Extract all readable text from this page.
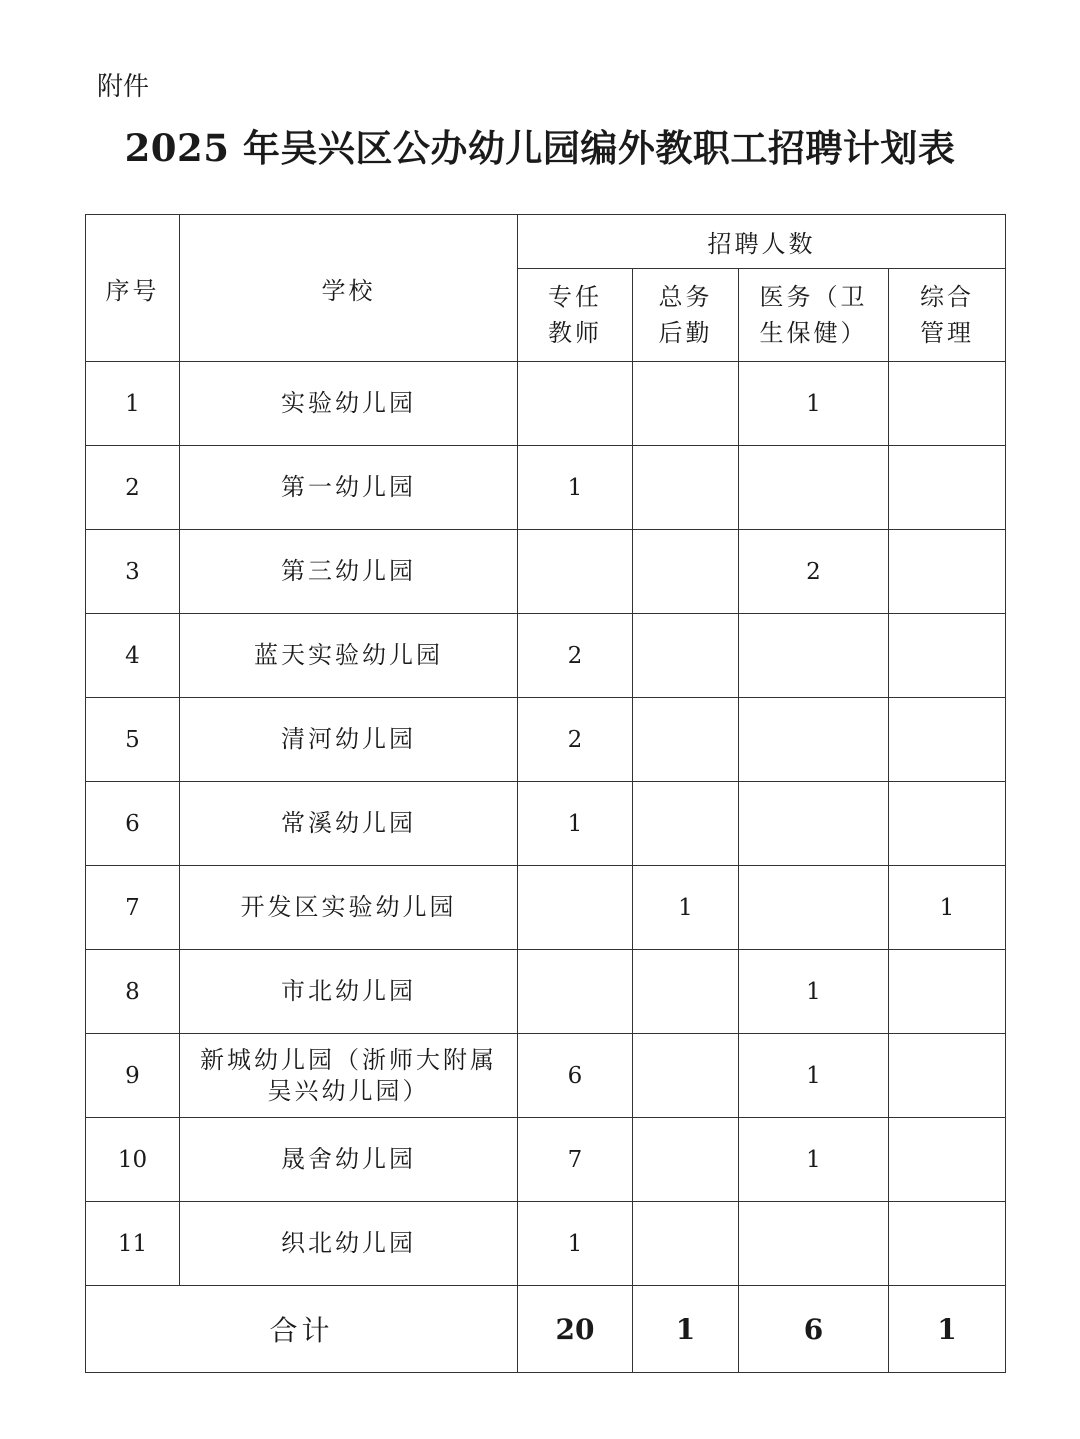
附件
2025 年吴兴区公办幼儿园编外教职工招聘计划表
序号	学校	招聘人数			

		专任教师	总务后勤	医务（卫生保健）	综合管理

1	实验幼儿园			1	
2	第一幼儿园	1			
3	第三幼儿园			2	
4	蓝天实验幼儿园	2			
5	清河幼儿园	2			
6	常溪幼儿园	1			
7	开发区实验幼儿园		1		1
8	市北幼儿园			1	
9	新城幼儿园（浙师大附属吴兴幼儿园）	6		1	
10	晟舍幼儿园	7		1	
11	织北幼儿园	1			
合计		20	1	6	1
